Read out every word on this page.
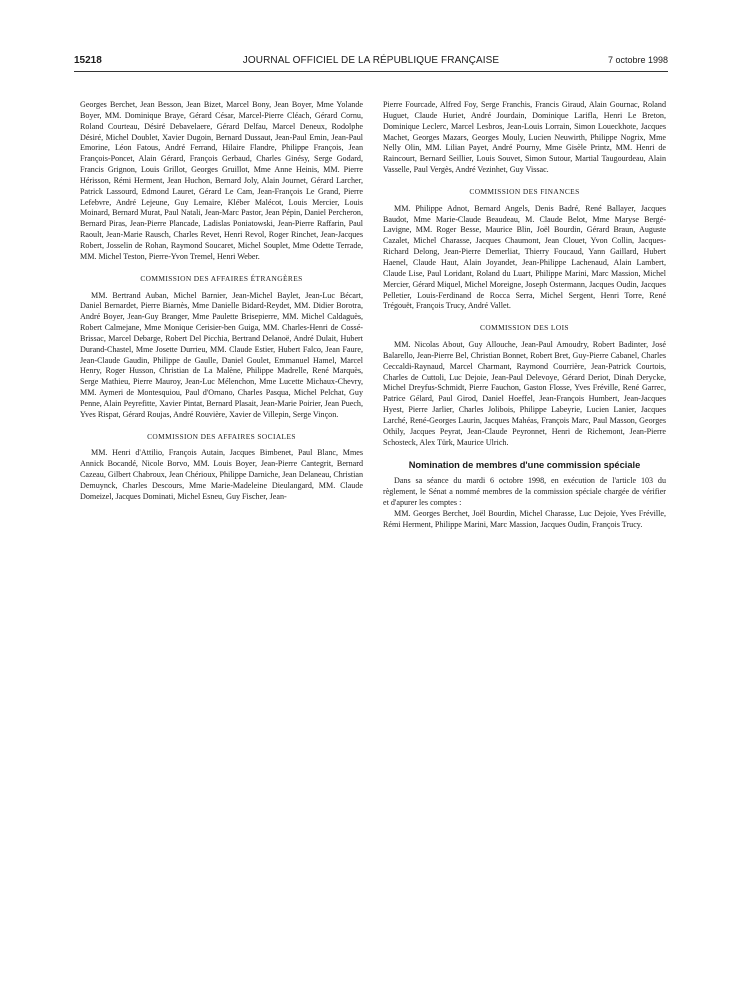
15218	JOURNAL OFFICIEL DE LA RÉPUBLIQUE FRANÇAISE	7 octobre 1998

Georges Berchet, Jean Besson, Jean Bizet, Marcel Bony, Jean Boyer, Mme Yolande Boyer, MM. Dominique Braye, Gérard César, Marcel-Pierre Cléach, Gérard Cornu, Roland Courteau, Désiré Debavelaere, Gérard Delfau, Marcel Deneux, Rodolphe Désiré, Michel Doublet, Xavier Dugoin, Bernard Dussaut, Jean-Paul Emin, Jean-Paul Emorine, Léon Fatous, André Ferrand, Hilaire Flandre, Philippe François, Jean François-Poncet, Alain Gérard, François Gerbaud, Charles Ginésy, Serge Godard, Francis Grignon, Louis Grillot, Georges Gruillot, Mme Anne Heinis, MM. Pierre Hérisson, Rémi Herment, Jean Huchon, Bernard Joly, Alain Journet, Gérard Larcher, Patrick Lassourd, Edmond Lauret, Gérard Le Cam, Jean-François Le Grand, Pierre Lefebvre, André Lejeune, Guy Lemaire, Kléber Malécot, Louis Mercier, Louis Moinard, Bernard Murat, Paul Natali, Jean-Marc Pastor, Jean Pépin, Daniel Percheron, Bernard Piras, Jean-Pierre Plancade, Ladislas Poniatowski, Jean-Pierre Raffarin, Paul Raoult, Jean-Marie Rausch, Charles Revet, Henri Revol, Roger Rinchet, Jean-Jacques Robert, Josselin de Rohan, Raymond Soucaret, Michel Souplet, Mme Odette Terrade, MM. Michel Teston, Pierre-Yvon Tremel, Henri Weber.

COMMISSION DES AFFAIRES ÉTRANGÈRES

MM. Bertrand Auban, Michel Barnier, Jean-Michel Baylet, Jean-Luc Bécart, Daniel Bernardet, Pierre Biarnès, Mme Danielle Bidard-Reydet, MM. Didier Borotra, André Boyer, Jean-Guy Branger, Mme Paulette Brisepierre, MM. Michel Caldaguès, Robert Calmejane, Mme Monique Cerisier-ben Guiga, MM. Charles-Henri de Cossé-Brissac, Marcel Debarge, Robert Del Picchia, Bertrand Delanoë, André Dulait, Hubert Durand-Chastel, Mme Josette Durrieu, MM. Claude Estier, Hubert Falco, Jean Faure, Jean-Claude Gaudin, Philippe de Gaulle, Daniel Goulet, Emmanuel Hamel, Marcel Henry, Roger Husson, Christian de La Malène, Philippe Madrelle, René Marquès, Serge Mathieu, Pierre Mauroy, Jean-Luc Mélenchon, Mme Lucette Michaux-Chevry, MM. Aymeri de Montesquiou, Paul d'Ornano, Charles Pasqua, Michel Pelchat, Guy Penne, Alain Peyrefitte, Xavier Pintat, Bernard Plasait, Jean-Marie Poirier, Jean Puech, Yves Rispat, Gérard Roujas, André Rouvière, Xavier de Villepin, Serge Vinçon.

COMMISSION DES AFFAIRES SOCIALES

MM. Henri d'Attilio, François Autain, Jacques Bimbenet, Paul Blanc, Mmes Annick Bocandé, Nicole Borvo, MM. Louis Boyer, Jean-Pierre Cantegrit, Bernard Cazeau, Gilbert Chabroux, Jean Chérioux, Philippe Darniche, Jean Delaneau, Christian Demuynck, Charles Descours, Mme Marie-Madeleine Dieulangard, MM. Claude Domeizel, Jacques Dominati, Michel Esneu, Guy Fischer, Jean-

Pierre Fourcade, Alfred Foy, Serge Franchis, Francis Giraud, Alain Gournac, Roland Huguet, Claude Huriet, André Jourdain, Dominique Larifla, Henri Le Breton, Dominique Leclerc, Marcel Lesbros, Jean-Louis Lorrain, Simon Loueckhote, Jacques Machet, Georges Mazars, Georges Mouly, Lucien Neuwirth, Philippe Nogrix, Mme Nelly Olin, MM. Lilian Payet, André Pourny, Mme Gisèle Printz, MM. Henri de Raincourt, Bernard Seillier, Louis Souvet, Simon Sutour, Martial Taugourdeau, Alain Vasselle, Paul Vergès, André Vezinhet, Guy Vissac.

COMMISSION DES FINANCES

MM. Philippe Adnot, Bernard Angels, Denis Badré, René Ballayer, Jacques Baudot, Mme Marie-Claude Beaudeau, M. Claude Belot, Mme Maryse Bergé-Lavigne, MM. Roger Besse, Maurice Blin, Joël Bourdin, Gérard Braun, Auguste Cazalet, Michel Charasse, Jacques Chaumont, Jean Clouet, Yvon Collin, Jacques-Richard Delong, Jean-Pierre Demerliat, Thierry Foucaud, Yann Gaillard, Hubert Haenel, Claude Haut, Alain Joyandet, Jean-Philippe Lachenaud, Alain Lambert, Claude Lise, Paul Loridant, Roland du Luart, Philippe Marini, Marc Massion, Michel Mercier, Gérard Miquel, Michel Moreigne, Joseph Ostermann, Jacques Oudin, Jacques Pelletier, Louis-Ferdinand de Rocca Serra, Michel Sergent, Henri Torre, René Trégouët, François Trucy, André Vallet.

COMMISSION DES LOIS

MM. Nicolas About, Guy Allouche, Jean-Paul Amoudry, Robert Badinter, José Balarello, Jean-Pierre Bel, Christian Bonnet, Robert Bret, Guy-Pierre Cabanel, Charles Ceccaldi-Raynaud, Marcel Charmant, Raymond Courrière, Jean-Patrick Courtois, Charles de Cuttoli, Luc Dejoie, Jean-Paul Delevoye, Gérard Deriot, Dinah Derycke, Michel Dreyfus-Schmidt, Pierre Fauchon, Gaston Flosse, Yves Fréville, René Garrec, Patrice Gélard, Paul Girod, Daniel Hoeffel, Jean-François Humbert, Jean-Jacques Hyest, Pierre Jarlier, Charles Jolibois, Philippe Labeyrie, Lucien Lanier, Jacques Larché, René-Georges Laurin, Jacques Mahéas, François Marc, Paul Masson, Georges Othily, Jacques Peyrat, Jean-Claude Peyronnet, Henri de Richemont, Jean-Pierre Schosteck, Alex Türk, Maurice Ulrich.

Nomination de membres d'une commission spéciale

Dans sa séance du mardi 6 octobre 1998, en exécution de l'article 103 du règlement, le Sénat a nommé membres de la commission spéciale chargée de vérifier et d'apurer les comptes :

MM. Georges Berchet, Joël Bourdin, Michel Charasse, Luc Dejoie, Yves Fréville, Rémi Herment, Philippe Marini, Marc Massion, Jacques Oudin, François Trucy.
